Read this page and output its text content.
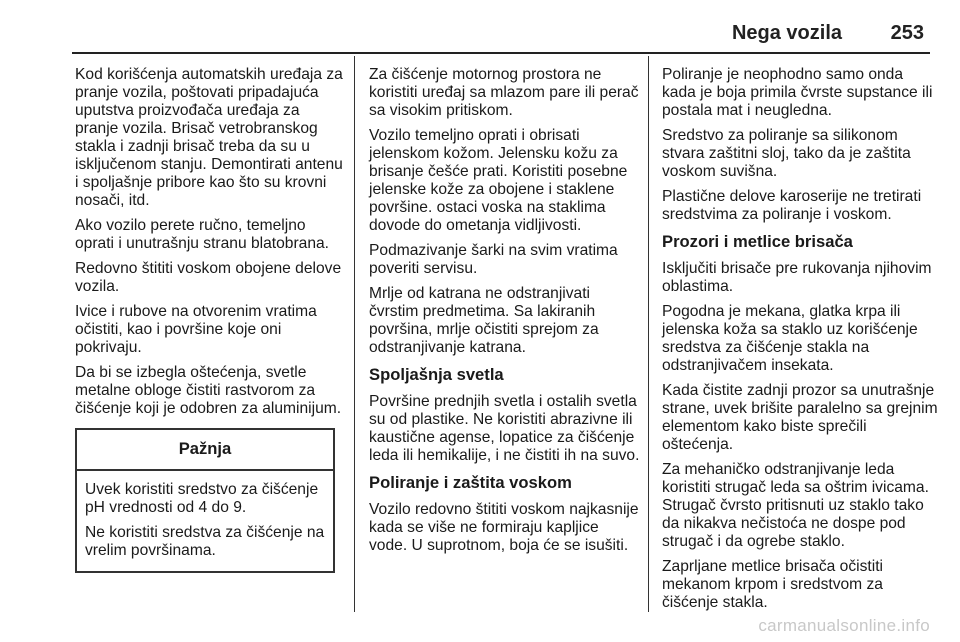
Nega vozila 253

Kod korišćenja automatskih uređaja za pranje vozila, poštovati pripadajuća uputstva proizvođača uređaja za pranje vozila. Brisač vetrobranskog stakla i zadnji brisač treba da su u isključenom stanju. Demontirati antenu i spoljašnje pribore kao što su krovni nosači, itd.

Ako vozilo perete ručno, temeljno oprati i unutrašnju stranu blatobrana.

Redovno štititi voskom obojene delove vozila.

Ivice i rubove na otvorenim vratima očistiti, kao i površine koje oni pokrivaju.

Da bi se izbegla oštećenja, svetle metalne obloge čistiti rastvorom za čišćenje koji je odobren za aluminijum.

Pažnja

Uvek koristiti sredstvo za čišćenje pH vrednosti od 4 do 9.

Ne koristiti sredstva za čišćenje na vrelim površinama.

Za čišćenje motornog prostora ne koristiti uređaj sa mlazom pare ili perač sa visokim pritiskom.

Vozilo temeljno oprati i obrisati jelenskom kožom. Jelensku kožu za brisanje češće prati. Koristiti posebne jelenske kože za obojene i staklene površine. ostaci voska na staklima dovode do ometanja vidljivosti.

Podmazivanje šarki na svim vratima poveriti servisu.

Mrlje od katrana ne odstranjivati čvrstim predmetima. Sa lakiranih površina, mrlje očistiti sprejom za odstranjivanje katrana.

Spoljašnja svetla

Površine prednjih svetla i ostalih svetla su od plastike. Ne koristiti abrazivne ili kaustične agense, lopatice za čišćenje leda ili hemikalije, i ne čistiti ih na suvo.

Poliranje i zaštita voskom

Vozilo redovno štititi voskom najkasnije kada se više ne formiraju kapljice vode. U suprotnom, boja će se isušiti.

Poliranje je neophodno samo onda kada je boja primila čvrste supstance ili postala mat i neugledna.

Sredstvo za poliranje sa silikonom stvara zaštitni sloj, tako da je zaštita voskom suvišna.

Plastične delove karoserije ne tretirati sredstvima za poliranje i voskom.

Prozori i metlice brisača

Isključiti brisače pre rukovanja njihovim oblastima.

Pogodna je mekana, glatka krpa ili jelenska koža sa staklo uz korišćenje sredstva za čišćenje stakla na odstranjivačem insekata.

Kada čistite zadnji prozor sa unutrašnje strane, uvek brišite paralelno sa grejnim elementom kako biste sprečili oštećenja.

Za mehaničko odstranjivanje leda koristiti strugač leda sa oštrim ivicama. Strugač čvrsto pritisnuti uz staklo tako da nikakva nečistoća ne dospe pod strugač i da ogrebe staklo.

Zaprljane metlice brisača očistiti mekanom krpom i sredstvom za čišćenje stakla.

carmanualsonline.info
